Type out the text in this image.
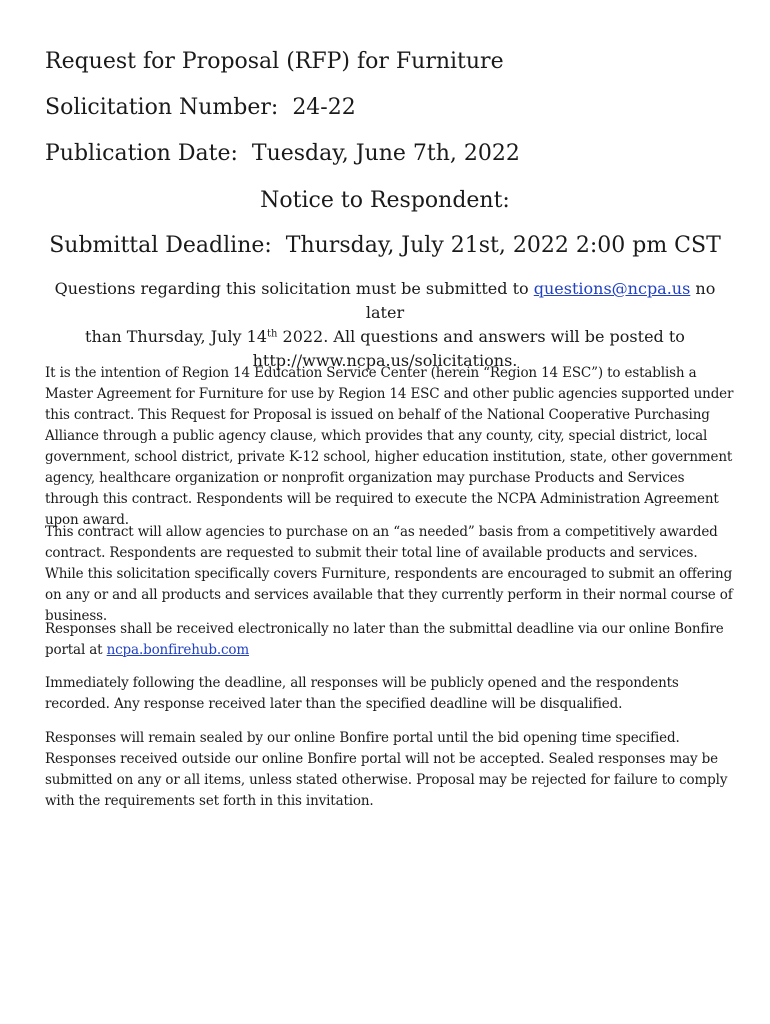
Request for Proposal (RFP) for Furniture
Solicitation Number: 24-22
Publication Date: Tuesday, June 7th, 2022
Notice to Respondent:
Submittal Deadline: Thursday, July 21st, 2022 2:00 pm CST
Questions regarding this solicitation must be submitted to questions@ncpa.us no later
than Thursday, July 14th 2022. All questions and answers will be posted to
http://www.ncpa.us/solicitations.
It is the intention of Region 14 Education Service Center (herein “Region 14 ESC”) to establish a Master Agreement for Furniture for use by Region 14 ESC and other public agencies supported under this contract. This Request for Proposal is issued on behalf of the National Cooperative Purchasing Alliance through a public agency clause, which provides that any county, city, special district, local government, school district, private K-12 school, higher education institution, state, other government agency, healthcare organization or nonprofit organization may purchase Products and Services through this contract. Respondents will be required to execute the NCPA Administration Agreement upon award.
This contract will allow agencies to purchase on an “as needed” basis from a competitively awarded contract. Respondents are requested to submit their total line of available products and services. While this solicitation specifically covers Furniture, respondents are encouraged to submit an offering on any or and all products and services available that they currently perform in their normal course of business.
Responses shall be received electronically no later than the submittal deadline via our online Bonfire portal at ncpa.bonfirehub.com
Immediately following the deadline, all responses will be publicly opened and the respondents recorded. Any response received later than the specified deadline will be disqualified.
Responses will remain sealed by our online Bonfire portal until the bid opening time specified. Responses received outside our online Bonfire portal will not be accepted. Sealed responses may be submitted on any or all items, unless stated otherwise. Proposal may be rejected for failure to comply with the requirements set forth in this invitation.
